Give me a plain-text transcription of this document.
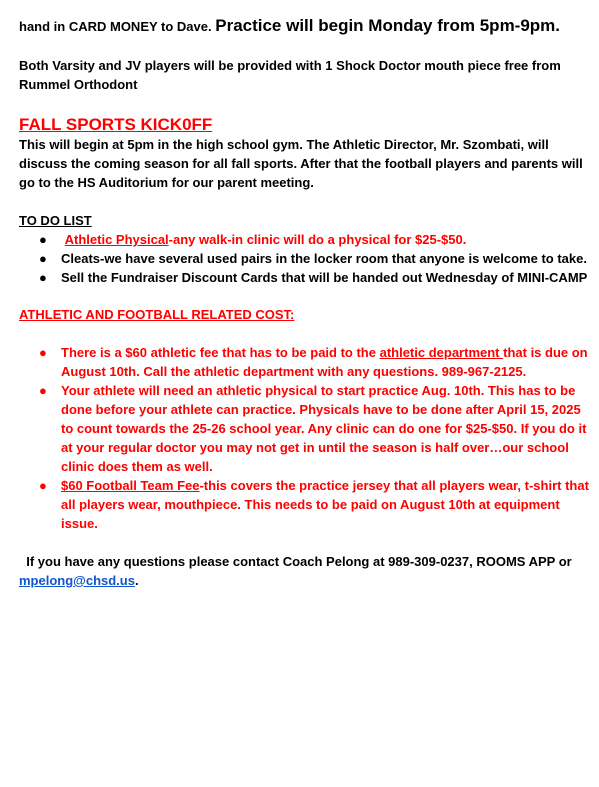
hand in CARD MONEY to Dave. Practice will begin Monday from 5pm-9pm.

Both Varsity and JV players will be provided with 1 Shock Doctor mouth piece free from Rummel Orthodont

FALL SPORTS KICK0FF

This will begin at 5pm in the high school gym. The Athletic Director, Mr. Szombati, will discuss the coming season for all fall sports. After that the football players and parents will go to the HS Auditorium for our parent meeting.

TO DO LIST

● Athletic Physical-any walk-in clinic will do a physical for $25-$50.
● Cleats-we have several used pairs in the locker room that anyone is welcome to take.
● Sell the Fundraiser Discount Cards that will be handed out Wednesday of MINI-CAMP

ATHLETIC AND FOOTBALL RELATED COST:

● There is a $60 athletic fee that has to be paid to the athletic department that is due on August 10th. Call the athletic department with any questions. 989-967-2125.
● Your athlete will need an athletic physical to start practice Aug. 10th. This has to be done before your athlete can practice. Physicals have to be done after April 15, 2025 to count towards the 25-26 school year. Any clinic can do one for $25-$50. If you do it at your regular doctor you may not get in until the season is half over…our school clinic does them as well.
● $60 Football Team Fee-this covers the practice jersey that all players wear, t-shirt that all players wear, mouthpiece. This needs to be paid on August 10th at equipment issue.

If you have any questions please contact Coach Pelong at 989-309-0237, ROOMS APP or mpelong@chsd.us.
